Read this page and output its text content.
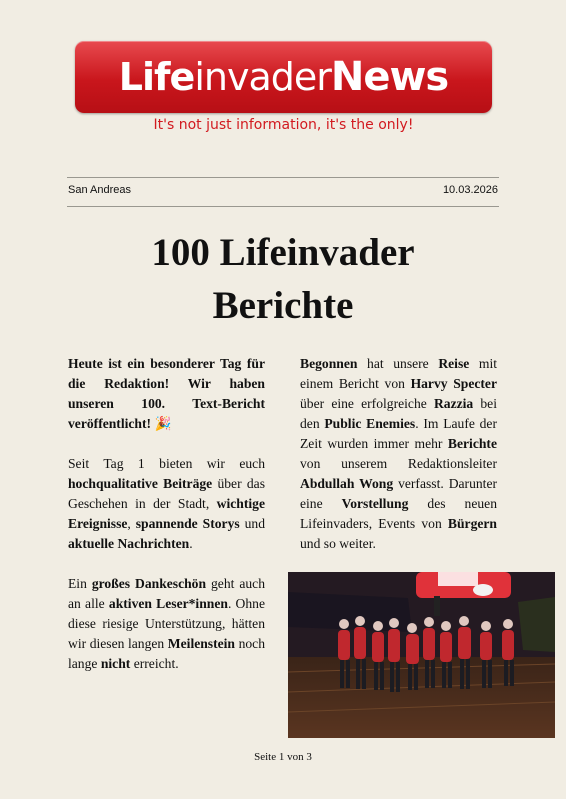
Life invader News
It's not just information, it's the only!
San Andreas	10.03.2026
100 Lifeinvader
Berichte

Heute ist ein besonderer Tag für die Redaktion! Wir haben unseren 100. Text-Bericht veröffentlicht! 🎉

Seit Tag 1 bieten wir euch hochqualitative Beiträge über das Geschehen in der Stadt, wichtige Ereignisse, spannende Storys und aktuelle Nachrichten.

Ein großes Dankeschön geht auch an alle aktiven Leser*innen. Ohne diese riesige Unterstützung, hätten wir diesen langen Meilenstein noch lange nicht erreicht.

Begonnen hat unsere Reise mit einem Bericht von Harvy Specter über eine erfolgreiche Razzia bei den Public Enemies. Im Laufe der Zeit wurden immer mehr Berichte von unserem Redaktionsleiter Abdullah Wong verfasst. Darunter eine Vorstellung des neuen Lifeinvaders, Events von Bürgern und so weiter.

Seite 1 von 3
